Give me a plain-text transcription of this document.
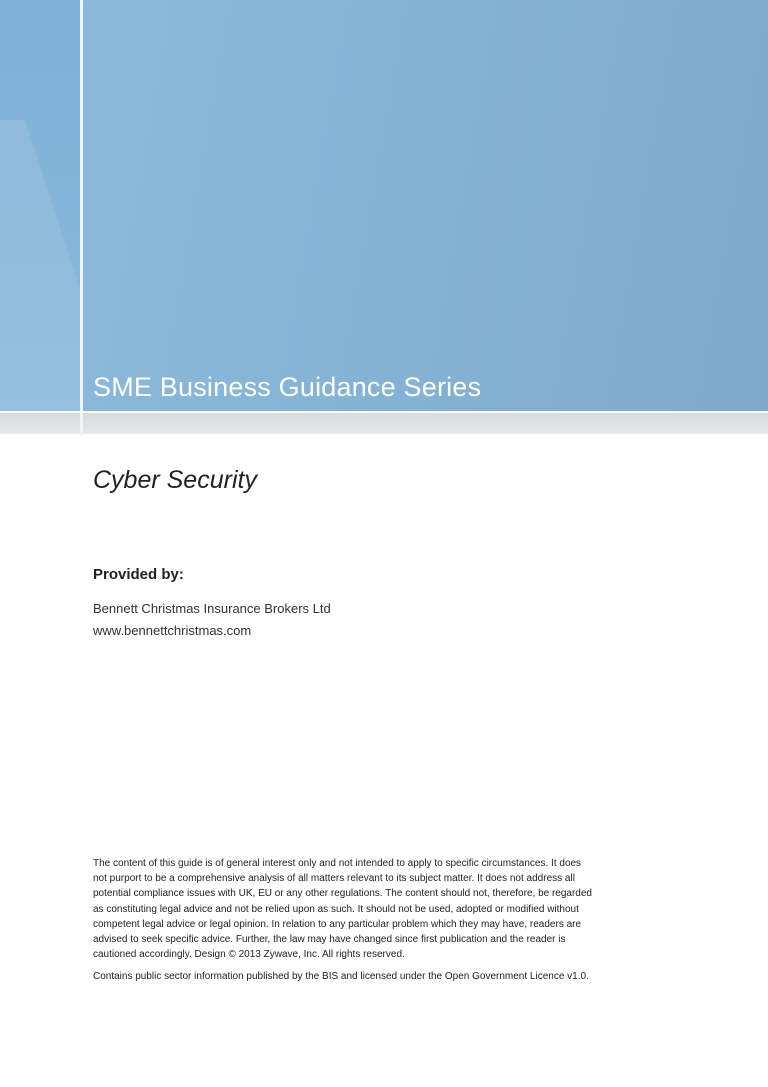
SME Business Guidance Series
Cyber Security
Provided by:
Bennett Christmas Insurance Brokers Ltd
www.bennettchristmas.com
The content of this guide is of general interest only and not intended to apply to specific circumstances. It does
not purport to be a comprehensive analysis of all matters relevant to its subject matter. It does not address all
potential compliance issues with UK, EU or any other regulations. The content should not, therefore, be regarded
as constituting legal advice and not be relied upon as such. It should not be used, adopted or modified without
competent legal advice or legal opinion. In relation to any particular problem which they may have, readers are
advised to seek specific advice. Further, the law may have changed since first publication and the reader is
cautioned accordingly. Design © 2013 Zywave, Inc. All rights reserved.
Contains public sector information published by the BIS and licensed under the Open Government Licence v1.0.
